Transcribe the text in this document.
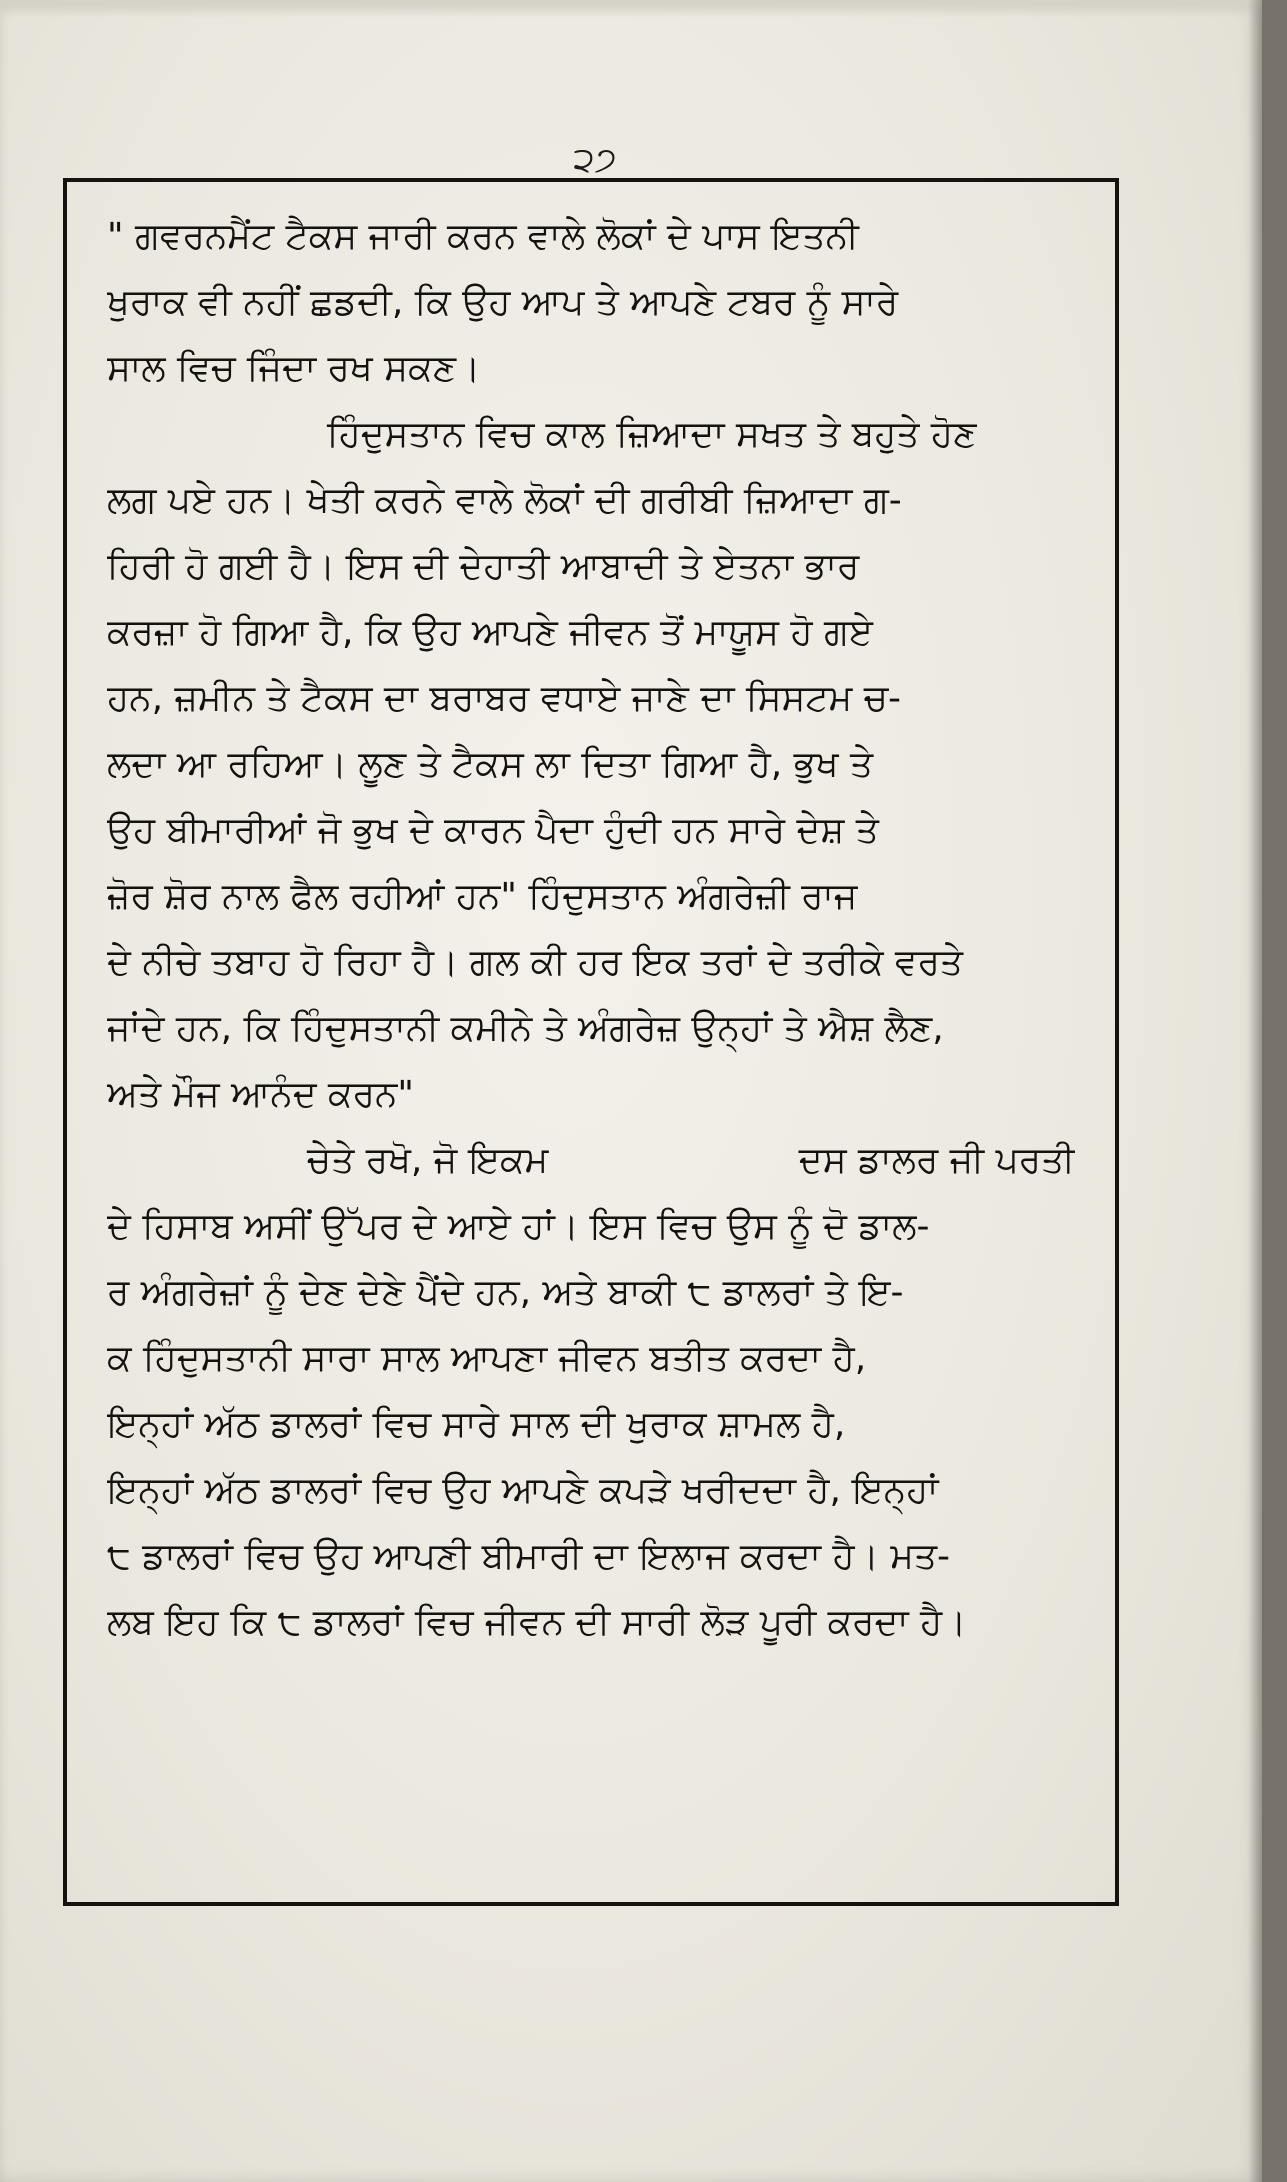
੨੭
" ਗਵਰਨਮੈਂਟ ਟੈਕਸ ਜਾਰੀ ਕਰਨ ਵਾਲੇ ਲੋਕਾਂ ਦੇ ਪਾਸ ਇਤਨੀ
ਖੁਰਾਕ ਵੀ ਨਹੀਂ ਛਡਦੀ, ਕਿ ਉਹ ਆਪ ਤੇ ਆਪਣੇ ਟਬਰ ਨੂੰ ਸਾਰੇ
ਸਾਲ ਵਿਚ ਜਿੰਦਾ ਰਖ ਸਕਣ।
ਹਿੰਦੁਸਤਾਨ ਵਿਚ ਕਾਲ ਜ਼ਿਆਦਾ ਸਖਤ ਤੇ ਬਹੁਤੇ ਹੋਣ
ਲਗ ਪਏ ਹਨ। ਖੇਤੀ ਕਰਨੇ ਵਾਲੇ ਲੋਕਾਂ ਦੀ ਗਰੀਬੀ ਜ਼ਿਆਦਾ ਗ-
ਹਿਰੀ ਹੋ ਗਈ ਹੈ। ਇਸ ਦੀ ਦੇਹਾਤੀ ਆਬਾਦੀ ਤੇ ਏਤਨਾ ਭਾਰ
ਕਰਜ਼ਾ ਹੋ ਗਿਆ ਹੈ, ਕਿ ਉਹ ਆਪਣੇ ਜੀਵਨ ਤੋਂ ਮਾਯੂਸ ਹੋ ਗਏ
ਹਨ, ਜ਼ਮੀਨ ਤੇ ਟੈਕਸ ਦਾ ਬਰਾਬਰ ਵਧਾਏ ਜਾਣੇ ਦਾ ਸਿਸਟਮ ਚ-
ਲਦਾ ਆ ਰਹਿਆ। ਲੂਣ ਤੇ ਟੈਕਸ ਲਾ ਦਿਤਾ ਗਿਆ ਹੈ, ਭੁਖ ਤੇ
ਉਹ ਬੀਮਾਰੀਆਂ ਜੋ ਭੁਖ ਦੇ ਕਾਰਨ ਪੈਦਾ ਹੁੰਦੀ ਹਨ ਸਾਰੇ ਦੇਸ਼ ਤੇ
ਜ਼ੋਰ ਸ਼ੋਰ ਨਾਲ ਫੈਲ ਰਹੀਆਂ ਹਨ" ਹਿੰਦੁਸਤਾਨ ਅੰਗਰੇਜ਼ੀ ਰਾਜ
ਦੇ ਨੀਚੇ ਤਬਾਹ ਹੋ ਰਿਹਾ ਹੈ। ਗਲ ਕੀ ਹਰ ਇਕ ਤਰਾਂ ਦੇ ਤਰੀਕੇ ਵਰਤੇ
ਜਾਂਦੇ ਹਨ, ਕਿ ਹਿੰਦੁਸਤਾਨੀ ਕਮੀਨੇ ਤੇ ਅੰਗਰੇਜ਼ ਉਨ੍ਹਾਂ ਤੇ ਐਸ਼ ਲੈਣ,
ਅਤੇ ਮੌਜ ਆਨੰਦ ਕਰਨ"
ਚੇਤੇ ਰਖੋ, ਜੋ ਇਕਮ	ਦਸ ਡਾਲਰ ਜੀ ਪਰਤੀ
ਦੇ ਹਿਸਾਬ ਅਸੀਂ ਉੱਪਰ ਦੇ ਆਏ ਹਾਂ। ਇਸ ਵਿਚ ਉਸ ਨੂੰ ਦੋ ਡਾਲ-
ਰ ਅੰਗਰੇਜ਼ਾਂ ਨੂੰ ਦੇਣ ਦੇਣੇ ਪੈਂਦੇ ਹਨ, ਅਤੇ ਬਾਕੀ ੮ ਡਾਲਰਾਂ ਤੇ ਇ-
ਕ ਹਿੰਦੁਸਤਾਨੀ ਸਾਰਾ ਸਾਲ ਆਪਣਾ ਜੀਵਨ ਬਤੀਤ ਕਰਦਾ ਹੈ,
ਇਨ੍ਹਾਂ ਅੱਠ ਡਾਲਰਾਂ ਵਿਚ ਸਾਰੇ ਸਾਲ ਦੀ ਖੁਰਾਕ ਸ਼ਾਮਲ ਹੈ,
ਇਨ੍ਹਾਂ ਅੱਠ ਡਾਲਰਾਂ ਵਿਚ ਉਹ ਆਪਣੇ ਕਪੜੇ ਖਰੀਦਦਾ ਹੈ, ਇਨ੍ਹਾਂ
੮ ਡਾਲਰਾਂ ਵਿਚ ਉਹ ਆਪਣੀ ਬੀਮਾਰੀ ਦਾ ਇਲਾਜ ਕਰਦਾ ਹੈ। ਮਤ-
ਲਬ ਇਹ ਕਿ ੮ ਡਾਲਰਾਂ ਵਿਚ ਜੀਵਨ ਦੀ ਸਾਰੀ ਲੋੜ ਪੂਰੀ ਕਰਦਾ ਹੈ।
